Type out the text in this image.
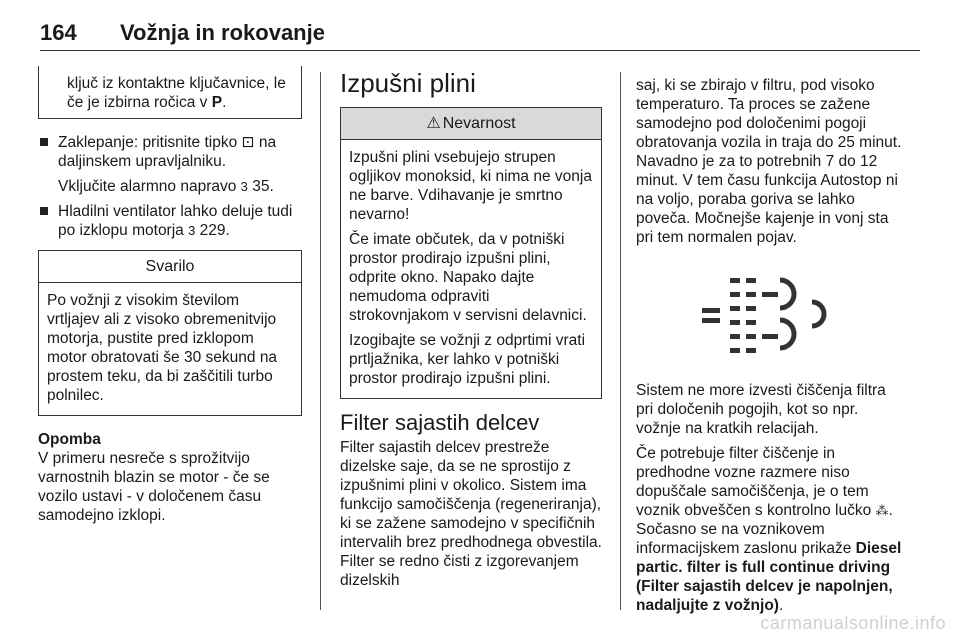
164 Vožnja in rokovanje
ključ iz kontaktne ključavnice, le če je izbirna ročica v P.
Zaklepanje: pritisnite tipko ⊡ na daljinskem upravljalniku.

Vključite alarmno napravo 3 35.

Hladilni ventilator lahko deluje tudi po izklopu motorja 3 229.
Svarilo

Po vožnji z visokim številom vrtljajev ali z visoko obremenitvijo motorja, pustite pred izklopom motor obratovati še 30 sekund na prostem teku, da bi zaščitili turbo polnilec.

Opomba

V primeru nesreče s sprožitvijo varnostnih blazin se motor - če se vozilo ustavi - v določenem času samodejno izklopi.

Izpušni plini
⚠ Nevarnost

Izpušni plini vsebujejo strupen ogljikov monoksid, ki nima ne vonja ne barve. Vdihavanje je smrtno nevarno!

Če imate občutek, da v potniški prostor prodirajo izpušni plini, odprite okno. Napako dajte nemudoma odpraviti strokovnjakom v servisni delavnici.

Izogibajte se vožnji z odprtimi vrati prtljažnika, ker lahko v potniški prostor prodirajo izpušni plini.

Filter sajastih delcev

Filter sajastih delcev prestreže dizelske saje, da se ne sprostijo z izpušnimi plini v okolico. Sistem ima funkcijo samočiščenja (regeneriranja), ki se zažene samodejno v specifičnih intervalih brez predhodnega obvestila. Filter se redno čisti z izgorevanjem dizelskih

saj, ki se zbirajo v filtru, pod visoko temperaturo. Ta proces se zažene samodejno pod določenimi pogoji obratovanja vozila in traja do 25 minut. Navadno je za to potrebnih 7 do 12 minut. V tem času funkcija Autostop ni na voljo, poraba goriva se lahko poveča. Močnejše kajenje in vonj sta pri tem normalen pojav.

Sistem ne more izvesti čiščenja filtra pri določenih pogojih, kot so npr. vožnje na kratkih relacijah.

Če potrebuje filter čiščenje in predhodne vozne razmere niso dopuščale samočiščenja, je o tem voznik obveščen s kontrolno lučko ⁂. Sočasno se na voznikovem informacijskem zaslonu prikaže Diesel partic. filter is full continue driving (Filter sajastih delcev je napolnjen, nadaljujte z vožnjo).

carmanualsonline.info
